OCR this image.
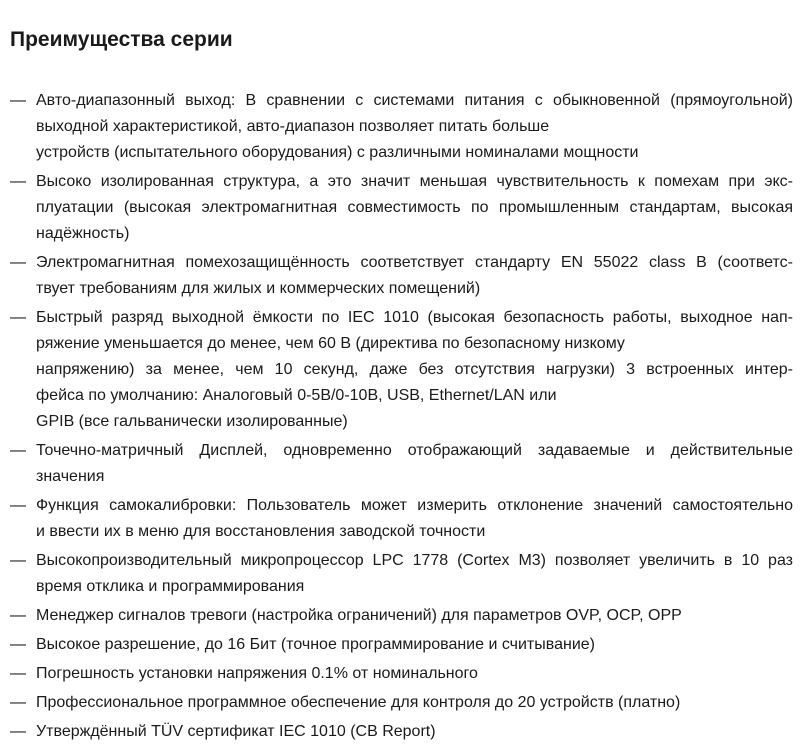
Преимущества серии
— Авто-диапазонный выход: В сравнении с системами питания с обыкновенной (прямоугольной)
выходной характеристикой, авто-диапазон позволяет питать больше
устройств (испытательного оборудования) с различными номиналами мощности
— Высоко изолированная структура, а это значит меньшая чувствительность к помехам при экс-
плуатации (высокая электромагнитная совместимость по промышленным стандартам, высокая
надёжность)
— Электромагнитная помехозащищённость соответствует стандарту EN 55022 class B (соответс-
твует требованиям для жилых и коммерческих помещений)
— Быстрый разряд выходной ёмкости по IEC 1010 (высокая безопасность работы, выходное нап-
ряжение уменьшается до менее, чем 60 В (директива по безопасному низкому
напряжению) за менее, чем 10 секунд, даже без отсутствия нагрузки) 3 встроенных интер-
фейса по умолчанию: Аналоговый 0-5В/0-10В, USB, Ethernet/LAN или
GPIB (все гальванически изолированные)
— Точечно-матричный Дисплей, одновременно отображающий задаваемые и действительные
значения
— Функция самокалибровки: Пользователь может измерить отклонение значений самостоятельно
и ввести их в меню для восстановления заводской точности
— Высокопроизводительный микропроцессор LPC 1778 (Cortex M3) позволяет увеличить в 10 раз
время отклика и программирования
— Менеджер сигналов тревоги (настройка ограничений) для параметров OVP, OCP, OPP
— Высокое разрешение, до 16 Бит (точное программирование и считывание)
— Погрешность установки напряжения 0.1% от номинального
— Профессиональное программное обеспечение для контроля до 20 устройств (платно)
— Утверждённый TÜV сертификат IEC 1010 (CB Report)
